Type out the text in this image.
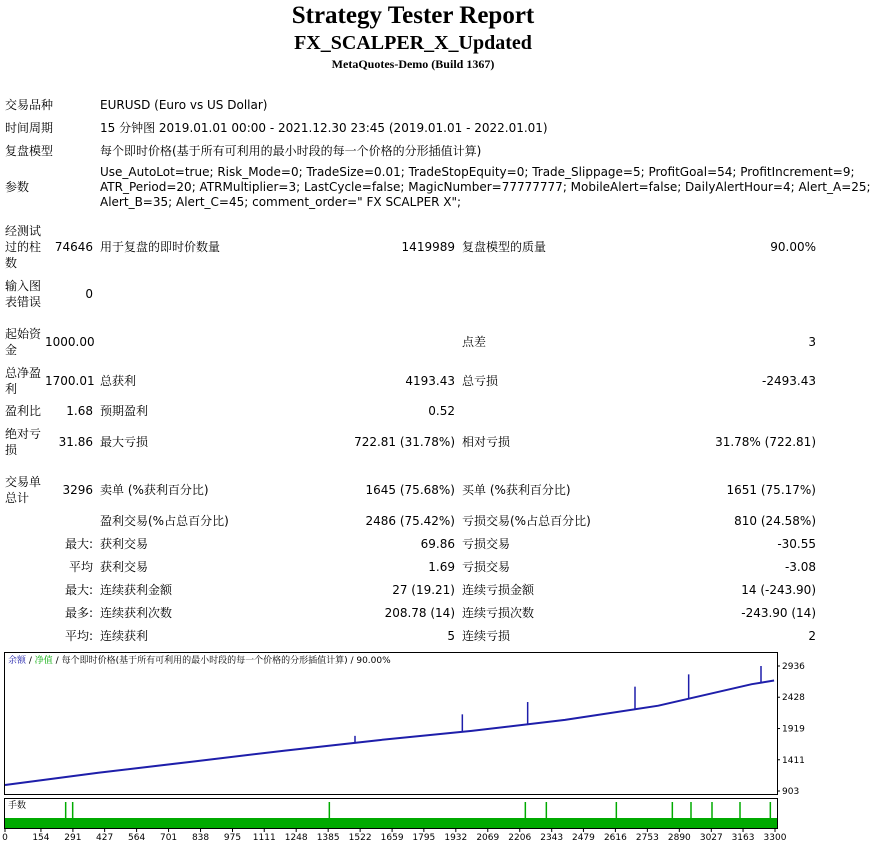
Strategy Tester Report
FX_SCALPER_X_Updated
MetaQuotes-Demo (Build 1367)
交易品种	EURUSD (Euro vs US Dollar)
时间周期	15 分钟图 2019.01.01 00:00 - 2021.12.30 23:45 (2019.01.01 - 2022.01.01)
复盘模型	每个即时价格(基于所有可利用的最小时段的每一个价格的分形插值计算)
参数
Use_AutoLot=true; Risk_Mode=0; TradeSize=0.01; TradeStopEquity=0; Trade_Slippage=5; ProfitGoal=54; ProfitIncrement=9;
ATR_Period=20; ATRMultiplier=3; LastCycle=false; MagicNumber=77777777; MobileAlert=false; DailyAlertHour=4; Alert_A=25;
Alert_B=35; Alert_C=45; comment_order=" FX SCALPER X";
经测试
过的柱
数
74646 用于复盘的即时价数量	1419989 复盘模型的质量	90.00%
输入图
表错误
0
起始资
金
1000.00	点差	3
总净盈
利
1700.01 总获利	4193.43 总亏损	-2493.43
盈利比	1.68 预期盈利	0.52
绝对亏
损
31.86 最大亏损	722.81 (31.78%) 相对亏损	31.78% (722.81)
交易单
总计
3296 卖单 (%获利百分比)	1645 (75.68%) 买单 (%获利百分比)	1651 (75.17%)
盈利交易(%占总百分比)	2486 (75.42%) 亏损交易(%占总百分比)	810 (24.58%)
最大: 获利交易	69.86 亏损交易	-30.55
平均 获利交易	1.69 亏损交易	-3.08
最大: 连续获利金额	27 (19.21) 连续亏损金额	14 (-243.90)
最多: 连续获利次数	208.78 (14) 连续亏损次数	-243.90 (14)
平均: 连续获利	5 连续亏损	2
余额 / 净值 / 每个即时价格(基于所有可利用的最小时段的每一个价格的分形插值计算) / 90.00%
手数
2936
2428
1919
1411
903
0	154 291 427 564 701 838 975 1111 1248 1385 1522 1659 1795 1932 2069 2206 2343 2479 2616 2753 2890 3027 3163 3300
